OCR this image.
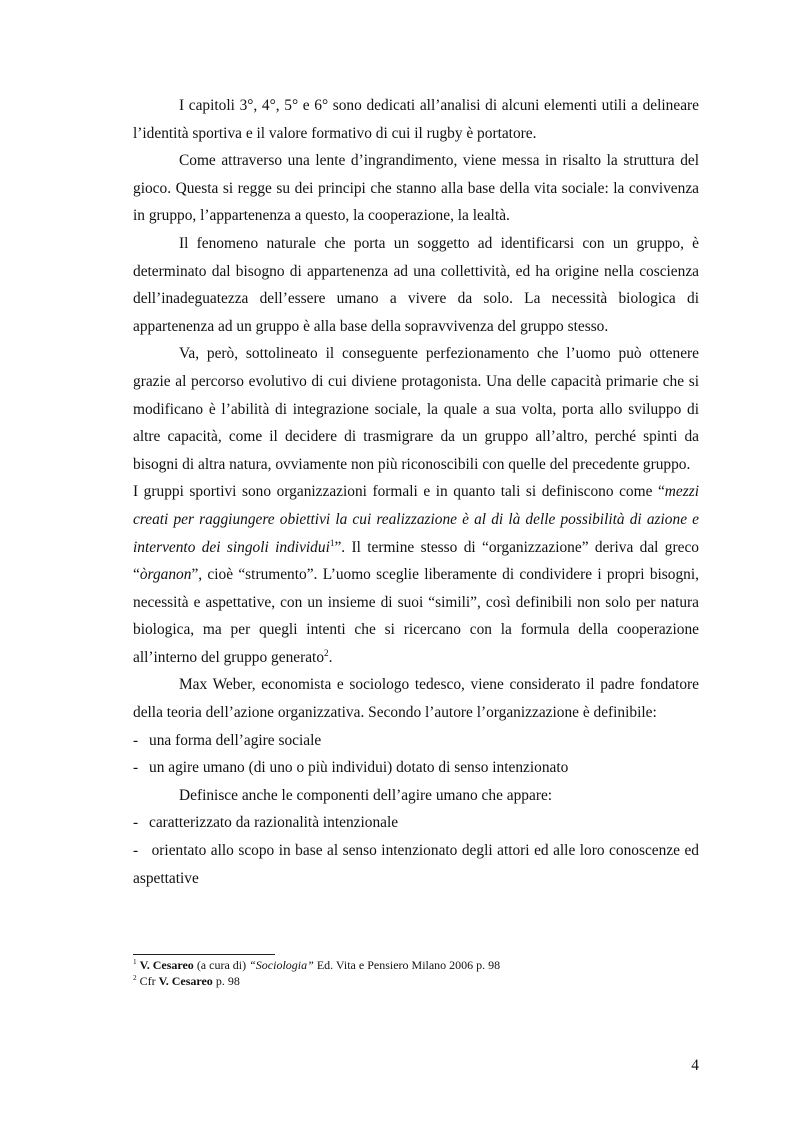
I capitoli 3°, 4°, 5° e 6° sono dedicati all’analisi di alcuni elementi utili a delineare l’identità sportiva e il valore formativo di cui il rugby è portatore.

Come attraverso una lente d’ingrandimento, viene messa in risalto la struttura del gioco. Questa si regge su dei principi che stanno alla base della vita sociale: la convivenza in gruppo, l’appartenenza a questo, la cooperazione, la lealtà.

Il fenomeno naturale che porta un soggetto ad identificarsi con un gruppo, è determinato dal bisogno di appartenenza ad una collettività, ed ha origine nella coscienza dell’inadeguatezza dell’essere umano a vivere da solo. La necessità biologica di appartenenza ad un gruppo è alla base della sopravvivenza del gruppo stesso.

Va, però, sottolineato il conseguente perfezionamento che l’uomo può ottenere grazie al percorso evolutivo di cui diviene protagonista. Una delle capacità primarie che si modificano è l’abilità di integrazione sociale, la quale a sua volta, porta allo sviluppo di altre capacità, come il decidere di trasmigrare da un gruppo all’altro, perché spinti da bisogni di altra natura, ovviamente non più riconoscibili con quelle del precedente gruppo.

I gruppi sportivi sono organizzazioni formali e in quanto tali si definiscono come “mezzi creati per raggiungere obiettivi la cui realizzazione è al di là delle possibilità di azione e intervento dei singoli individui$^1$”. Il termine stesso di “organizzazione” deriva dal greco “òrganon”, cioè “strumento”. L’uomo sceglie liberamente di condividere i propri bisogni, necessità e aspettative, con un insieme di suoi “simili”, così definibili non solo per natura biologica, ma per quegli intenti che si ricercano con la formula della cooperazione all’interno del gruppo generato$^2$.

Max Weber, economista e sociologo tedesco, viene considerato il padre fondatore della teoria dell’azione organizzativa. Secondo l’autore l’organizzazione è definibile:

- una forma dell’agire sociale
- un agire umano (di uno o più individui) dotato di senso intenzionato

Definisce anche le componenti dell’agire umano che appare:

- caratterizzato da razionalità intenzionale

- orientato allo scopo in base al senso intenzionato degli attori ed alle loro conoscenze ed aspettative

$^1$ V. Cesareo (a cura di) “Sociologia” Ed. Vita e Pensiero Milano 2006 p. 98

$^2$ Cfr V. Cesareo p. 98

4
